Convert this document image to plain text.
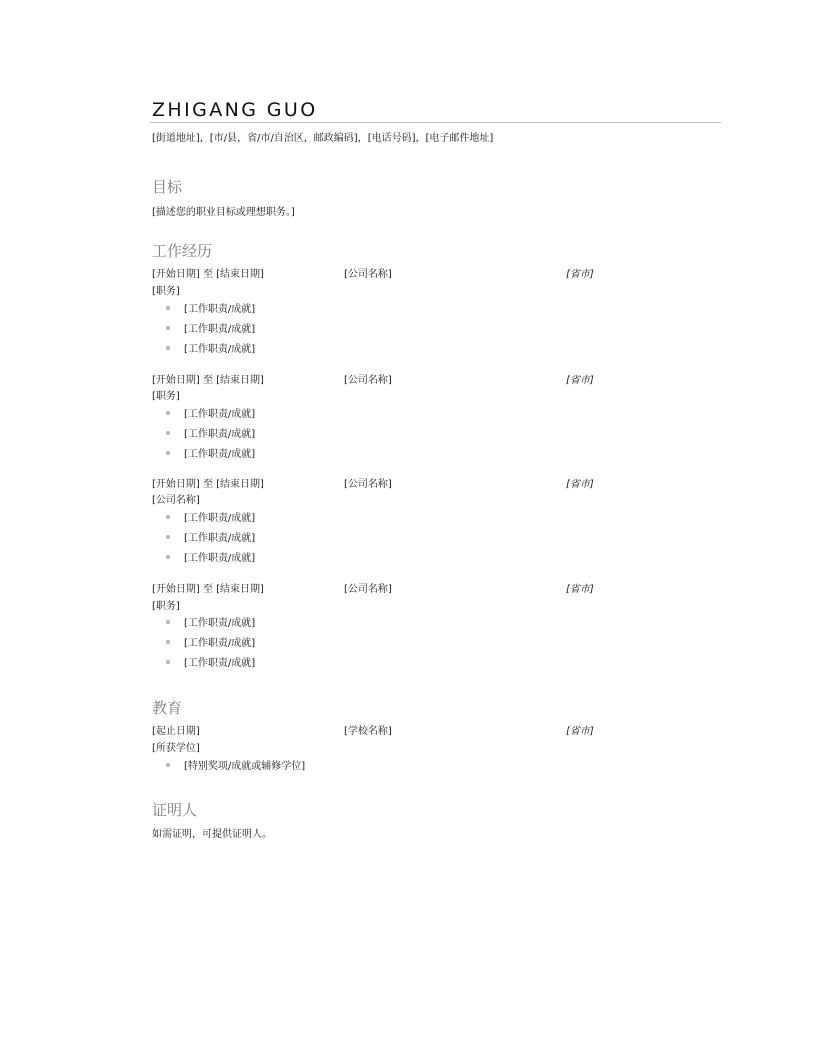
ZHIGANG GUO
[街道地址]，[市/县，省/市/自治区，邮政编码]，[电话号码]，[电子邮件地址]
目标
[描述您的职业目标或理想职务。]
工作经历
[开始日期] 至 [结束日期]	[公司名称]	[省市]
[职务]
[工作职责/成就]
[工作职责/成就]
[工作职责/成就]
[开始日期] 至 [结束日期]	[公司名称]	[省市]
[职务]
[工作职责/成就]
[工作职责/成就]
[工作职责/成就]
[开始日期] 至 [结束日期]	[公司名称]	[省市]
[公司名称]
[工作职责/成就]
[工作职责/成就]
[工作职责/成就]
[开始日期] 至 [结束日期]	[公司名称]	[省市]
[职务]
[工作职责/成就]
[工作职责/成就]
[工作职责/成就]
教育
[起止日期]	[学校名称]	[省市]
[所获学位]
[特别奖项/成就或辅修学位]
证明人
如需证明，可提供证明人。
